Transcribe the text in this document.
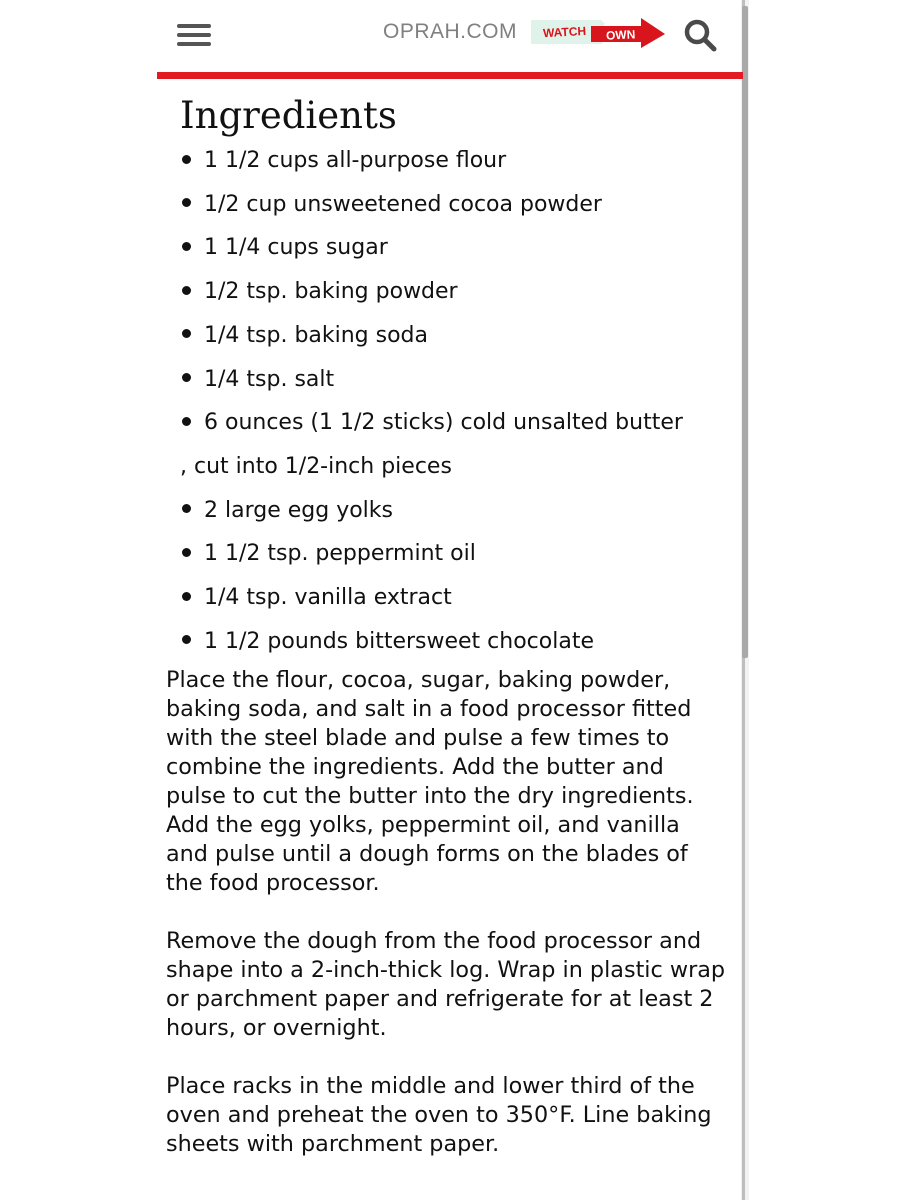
OPRAH.COM WATCH OWN
Ingredients
1 1/2 cups all-purpose flour
1/2 cup unsweetened cocoa powder
1 1/4 cups sugar
1/2 tsp. baking powder
1/4 tsp. baking soda
1/4 tsp. salt
6 ounces (1 1/2 sticks) cold unsalted butter
, cut into 1/2-inch pieces
2 large egg yolks
1 1/2 tsp. peppermint oil
1/4 tsp. vanilla extract
1 1/2 pounds bittersweet chocolate

Place the flour, cocoa, sugar, baking powder, baking soda, and salt in a food processor fitted with the steel blade and pulse a few times to combine the ingredients. Add the butter and pulse to cut the butter into the dry ingredients. Add the egg yolks, peppermint oil, and vanilla and pulse until a dough forms on the blades of the food processor.

Remove the dough from the food processor and shape into a 2-inch-thick log. Wrap in plastic wrap or parchment paper and refrigerate for at least 2 hours, or overnight.

Place racks in the middle and lower third of the oven and preheat the oven to 350°F. Line baking sheets with parchment paper.
